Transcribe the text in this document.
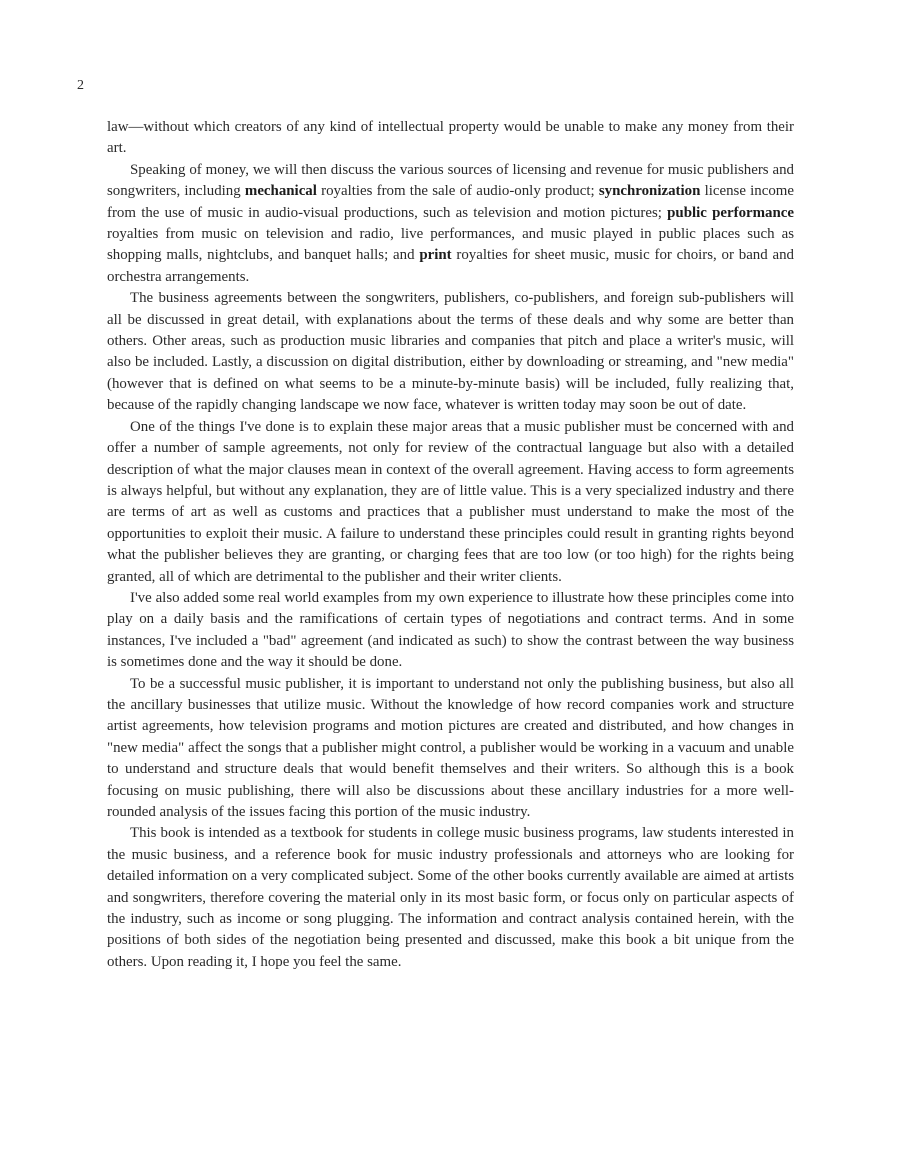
2

law—without which creators of any kind of intellectual property would be unable to make any money from their art.

Speaking of money, we will then discuss the various sources of licensing and revenue for music publishers and songwriters, including mechanical royalties from the sale of audio-only product; synchronization license income from the use of music in audio-visual productions, such as television and motion pictures; public performance royalties from music on television and radio, live performances, and music played in public places such as shopping malls, nightclubs, and banquet halls; and print royalties for sheet music, music for choirs, or band and orchestra arrangements.

The business agreements between the songwriters, publishers, co-publishers, and foreign sub-publishers will all be discussed in great detail, with explanations about the terms of these deals and why some are better than others. Other areas, such as production music libraries and companies that pitch and place a writer's music, will also be included. Lastly, a discussion on digital distribution, either by downloading or streaming, and "new media" (however that is defined on what seems to be a minute-by-minute basis) will be included, fully realizing that, because of the rapidly changing landscape we now face, whatever is written today may soon be out of date.

One of the things I've done is to explain these major areas that a music publisher must be concerned with and offer a number of sample agreements, not only for review of the contractual language but also with a detailed description of what the major clauses mean in context of the overall agreement. Having access to form agreements is always helpful, but without any explanation, they are of little value. This is a very specialized industry and there are terms of art as well as customs and practices that a publisher must understand to make the most of the opportunities to exploit their music. A failure to understand these principles could result in granting rights beyond what the publisher believes they are granting, or charging fees that are too low (or too high) for the rights being granted, all of which are detrimental to the publisher and their writer clients.

I've also added some real world examples from my own experience to illustrate how these principles come into play on a daily basis and the ramifications of certain types of negotiations and contract terms. And in some instances, I've included a "bad" agreement (and indicated as such) to show the contrast between the way business is sometimes done and the way it should be done.

To be a successful music publisher, it is important to understand not only the publishing business, but also all the ancillary businesses that utilize music. Without the knowledge of how record companies work and structure artist agreements, how television programs and motion pictures are created and distributed, and how changes in "new media" affect the songs that a publisher might control, a publisher would be working in a vacuum and unable to understand and structure deals that would benefit themselves and their writers. So although this is a book focusing on music publishing, there will also be discussions about these ancillary industries for a more well-rounded analysis of the issues facing this portion of the music industry.

This book is intended as a textbook for students in college music business programs, law students interested in the music business, and a reference book for music industry professionals and attorneys who are looking for detailed information on a very complicated subject. Some of the other books currently available are aimed at artists and songwriters, therefore covering the material only in its most basic form, or focus only on particular aspects of the industry, such as income or song plugging. The information and contract analysis contained herein, with the positions of both sides of the negotiation being presented and discussed, make this book a bit unique from the others. Upon reading it, I hope you feel the same.
